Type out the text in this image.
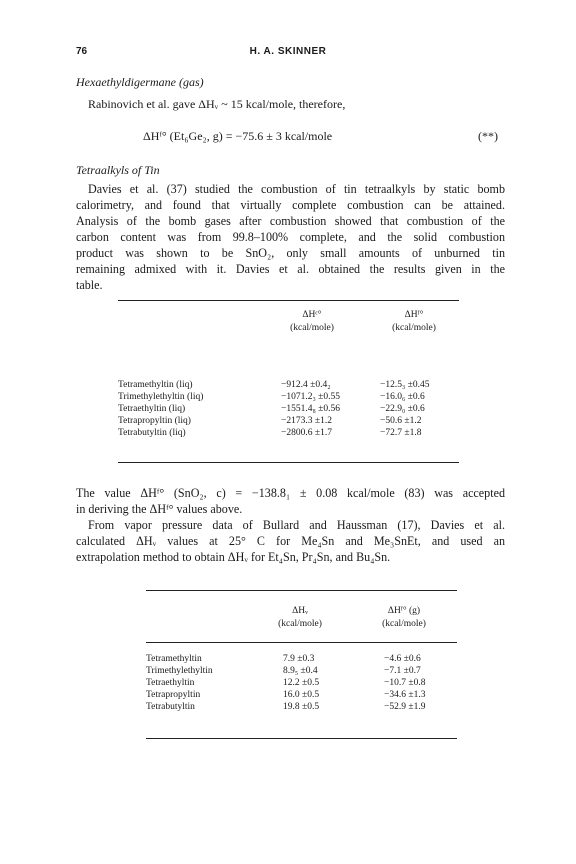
76	H. A. SKINNER
Hexaethyldigermane (gas)
Rabinovich et al. gave ΔHᵥ ~ 15 kcal/mole, therefore,
ΔHᶠ° (Et₆Ge₂, g) = −75.6 ± 3 kcal/mole	(**)
Tetraalkyls of Tin
Davies et al. (37) studied the combustion of tin tetraalkyls by static bomb
calorimetry, and found that virtually complete combustion can be attained.
Analysis of the bomb gases after combustion showed that combustion of the
carbon content was from 99.8–100% complete, and the solid combustion
product was shown to be SnO₂, only small amounts of unburned tin
remaining admixed with it. Davies et al. obtained the results given in the
table.
ΔHᶜ°
(kcal/mole)
ΔHᶠ°
(kcal/mole)
Tetramethyltin (liq)	−912.4 ±0.4₂	−12.5₃ ±0.45
Trimethylethyltin (liq)	−1071.2₃ ±0.55	−16.0₆ ±0.6
Tetraethyltin (liq)	−1551.4₈ ±0.56	−22.9₀ ±0.6
Tetrapropyltin (liq)	−2173.3 ±1.2	−50.6 ±1.2
Tetrabutyltin (liq)	−2800.6 ±1.7	−72.7 ±1.8
The value ΔHᶠ° (SnO₂, c) = −138.8₁ ± 0.08 kcal/mole (83) was accepted
in deriving the ΔHᶠ° values above.
From vapor pressure data of Bullard and Haussman (17), Davies et al.
calculated ΔHᵥ values at 25° C for Me₄Sn and Me₃SnEt, and used an
extrapolation method to obtain ΔHᵥ for Et₄Sn, Pr₄Sn, and Bu₄Sn.
ΔHᵥ
(kcal/mole)
ΔHᶠ° (g)
(kcal/mole)
Tetramethyltin	7.9 ±0.3	−4.6 ±0.6
Trimethylethyltin	8.9₅ ±0.4	−7.1 ±0.7
Tetraethyltin	12.2 ±0.5	−10.7 ±0.8
Tetrapropyltin	16.0 ±0.5	−34.6 ±1.3
Tetrabutyltin	19.8 ±0.5	−52.9 ±1.9
